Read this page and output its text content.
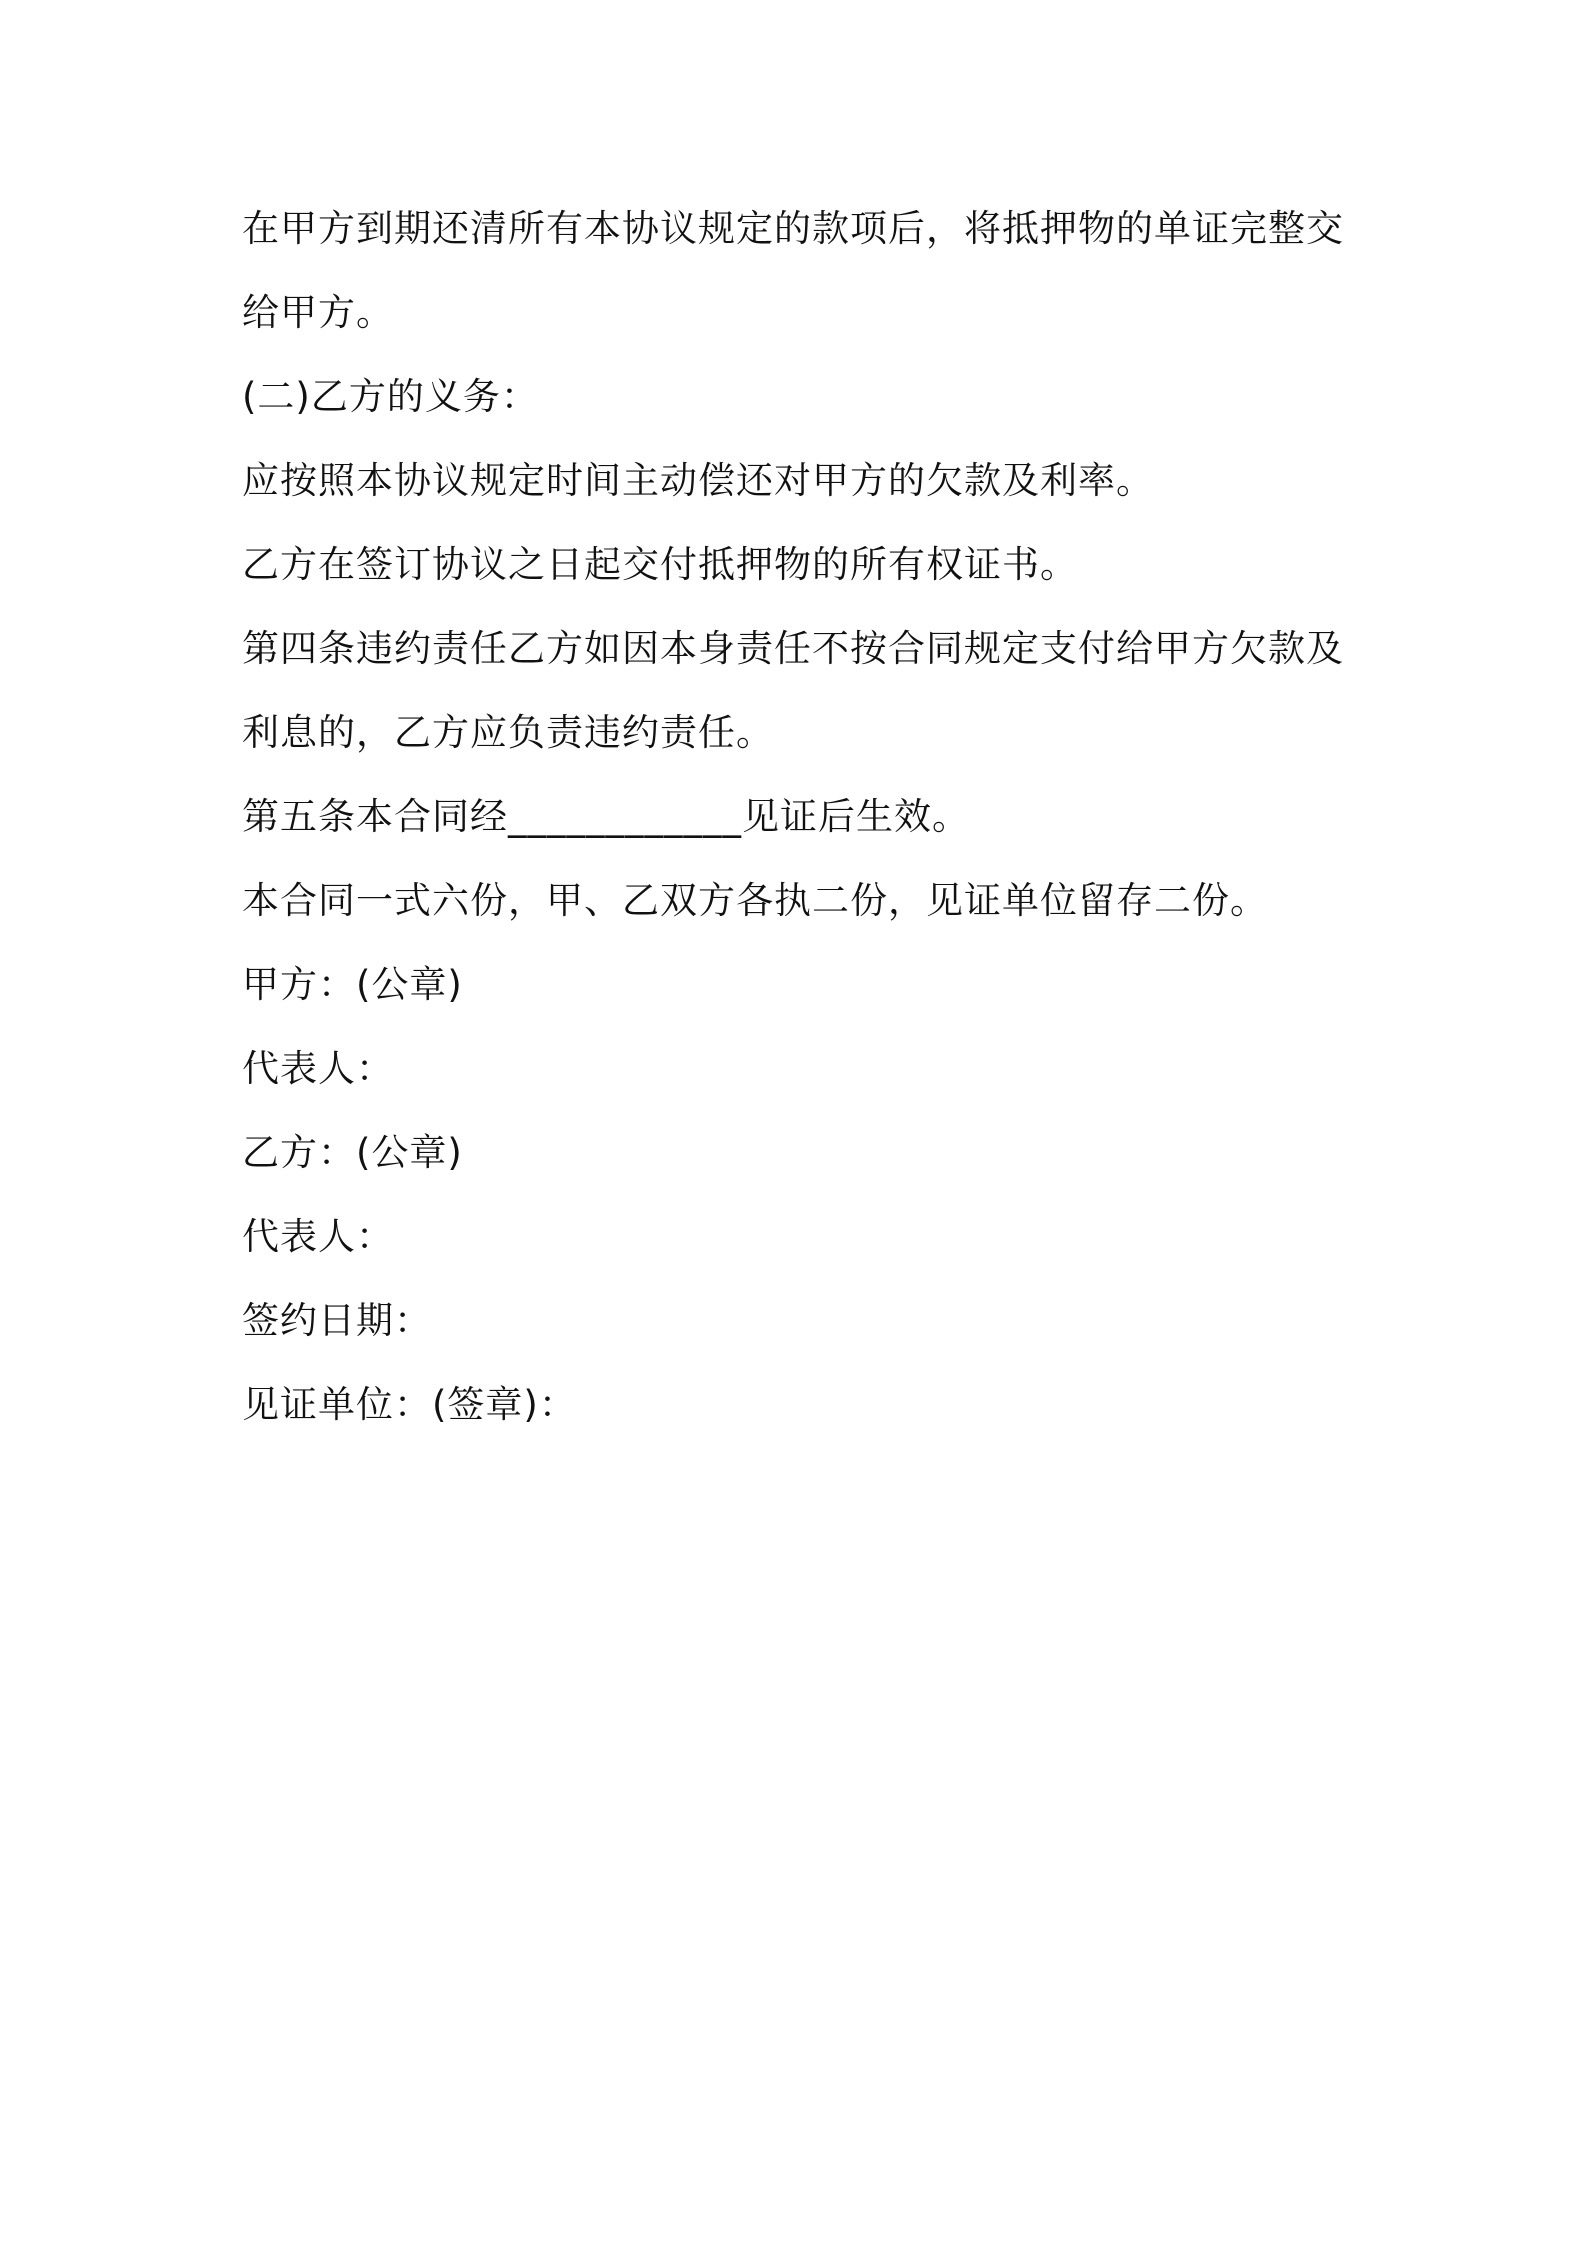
在甲方到期还清所有本协议规定的款项后，将抵押物的单证完整交给甲方。

(二)乙方的义务：

应按照本协议规定时间主动偿还对甲方的欠款及利率。

乙方在签订协议之日起交付抵押物的所有权证书。

第四条违约责任乙方如因本身责任不按合同规定支付给甲方欠款及利息的，乙方应负责违约责任。

第五条本合同经____________见证后生效。

本合同一式六份，甲、乙双方各执二份，见证单位留存二份。

甲方：(公章)

代表人：

乙方：(公章)

代表人：

签约日期：

见证单位：(签章)：
